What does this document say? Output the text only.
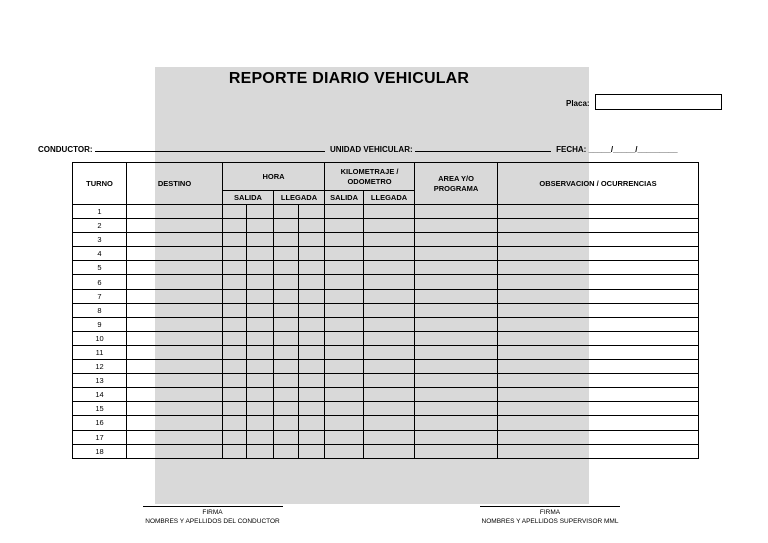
REPORTE DIARIO VEHICULAR
Placa:
CONDUCTOR:	UNIDAD VEHICULAR:	FECHA: _____/_____/_________
TURNO	DESTINO	HORA				KILOMETRAJE / ODOMETRO		AREA Y/O PROGRAMA	OBSERVACION / OCURRENCIAS
		SALIDA		LLEGADA		SALIDA	LLEGADA		
1									
2									
3									
4									
5									
6									
7									
8									
9									
10									
11									
12									
13									
14									
15									
16									
17									
18									
FIRMA
NOMBRES Y APELLIDOS DEL CONDUCTOR
FIRMA
NOMBRES Y APELLIDOS SUPERVISOR MML
